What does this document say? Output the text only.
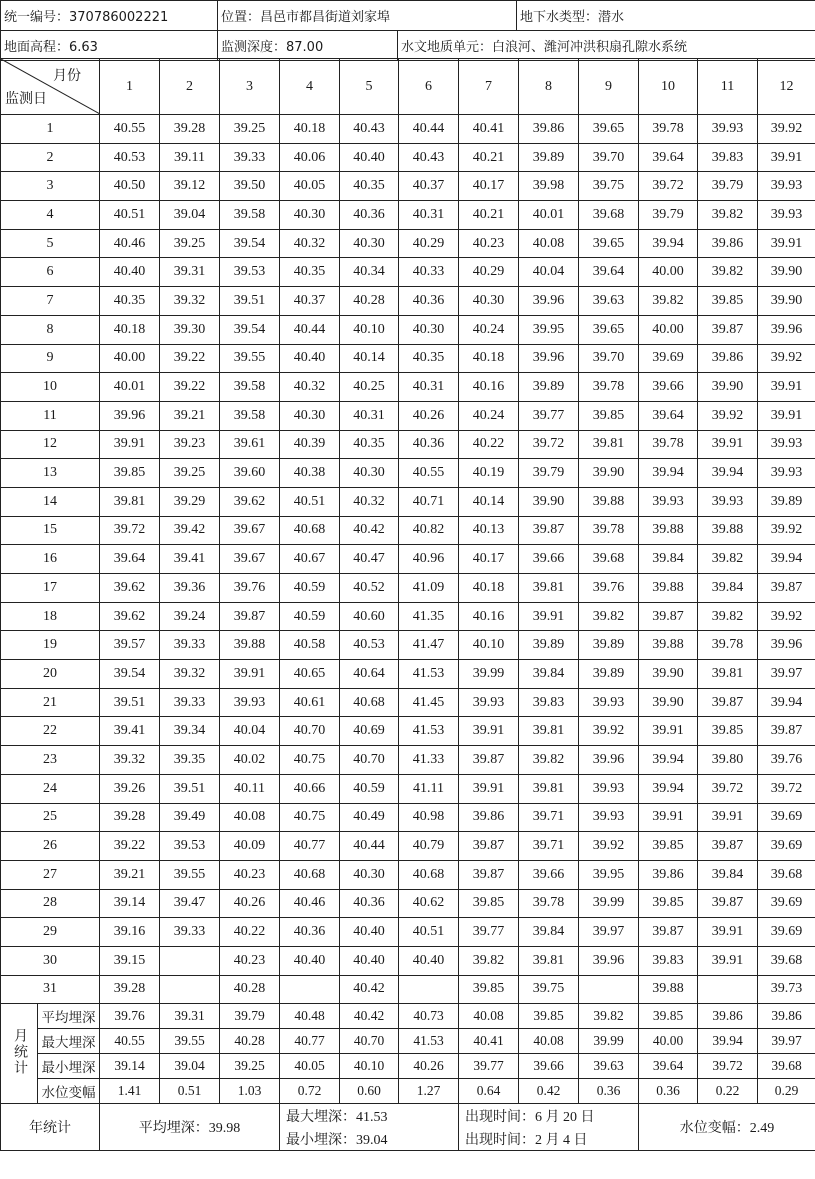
统一编号：370786002221	位置：昌邑市都昌街道刘家埠		地下水类型：潜水
地面高程：6.63	监测深度：87.00	水文地质单元：白浪河、潍河冲洪积扇孔隙水系统	
月份
监测日		1	2	3	4	5	6	7	8	9	10	11	12
1		40.55	39.28	39.25	40.18	40.43	40.44	40.41	39.86	39.65	39.78	39.93	39.92
2		40.53	39.11	39.33	40.06	40.40	40.43	40.21	39.89	39.70	39.64	39.83	39.91
3		40.50	39.12	39.50	40.05	40.35	40.37	40.17	39.98	39.75	39.72	39.79	39.93
4		40.51	39.04	39.58	40.30	40.36	40.31	40.21	40.01	39.68	39.79	39.82	39.93
5		40.46	39.25	39.54	40.32	40.30	40.29	40.23	40.08	39.65	39.94	39.86	39.91
6		40.40	39.31	39.53	40.35	40.34	40.33	40.29	40.04	39.64	40.00	39.82	39.90
7		40.35	39.32	39.51	40.37	40.28	40.36	40.30	39.96	39.63	39.82	39.85	39.90
8		40.18	39.30	39.54	40.44	40.10	40.30	40.24	39.95	39.65	40.00	39.87	39.96
9		40.00	39.22	39.55	40.40	40.14	40.35	40.18	39.96	39.70	39.69	39.86	39.92
10		40.01	39.22	39.58	40.32	40.25	40.31	40.16	39.89	39.78	39.66	39.90	39.91
11		39.96	39.21	39.58	40.30	40.31	40.26	40.24	39.77	39.85	39.64	39.92	39.91
12		39.91	39.23	39.61	40.39	40.35	40.36	40.22	39.72	39.81	39.78	39.91	39.93
13		39.85	39.25	39.60	40.38	40.30	40.55	40.19	39.79	39.90	39.94	39.94	39.93
14		39.81	39.29	39.62	40.51	40.32	40.71	40.14	39.90	39.88	39.93	39.93	39.89
15		39.72	39.42	39.67	40.68	40.42	40.82	40.13	39.87	39.78	39.88	39.88	39.92
16		39.64	39.41	39.67	40.67	40.47	40.96	40.17	39.66	39.68	39.84	39.82	39.94
17		39.62	39.36	39.76	40.59	40.52	41.09	40.18	39.81	39.76	39.88	39.84	39.87
18		39.62	39.24	39.87	40.59	40.60	41.35	40.16	39.91	39.82	39.87	39.82	39.92
19		39.57	39.33	39.88	40.58	40.53	41.47	40.10	39.89	39.89	39.88	39.78	39.96
20		39.54	39.32	39.91	40.65	40.64	41.53	39.99	39.84	39.89	39.90	39.81	39.97
21		39.51	39.33	39.93	40.61	40.68	41.45	39.93	39.83	39.93	39.90	39.87	39.94
22		39.41	39.34	40.04	40.70	40.69	41.53	39.91	39.81	39.92	39.91	39.85	39.87
23		39.32	39.35	40.02	40.75	40.70	41.33	39.87	39.82	39.96	39.94	39.80	39.76
24		39.26	39.51	40.11	40.66	40.59	41.11	39.91	39.81	39.93	39.94	39.72	39.72
25		39.28	39.49	40.08	40.75	40.49	40.98	39.86	39.71	39.93	39.91	39.91	39.69
26		39.22	39.53	40.09	40.77	40.44	40.79	39.87	39.71	39.92	39.85	39.87	39.69
27		39.21	39.55	40.23	40.68	40.30	40.68	39.87	39.66	39.95	39.86	39.84	39.68
28		39.14	39.47	40.26	40.46	40.36	40.62	39.85	39.78	39.99	39.85	39.87	39.69
29		39.16	39.33	40.22	40.36	40.40	40.51	39.77	39.84	39.97	39.87	39.91	39.69
30		39.15		40.23	40.40	40.40	40.40	39.82	39.81	39.96	39.83	39.91	39.68
31		39.28		40.28		40.42		39.85	39.75		39.88		39.73
月统计	平均埋深	39.76	39.31	39.79	40.48	40.42	40.73	40.08	39.85	39.82	39.85	39.86	39.86
	最大埋深	40.55	39.55	40.28	40.77	40.70	41.53	40.41	40.08	39.99	40.00	39.94	39.97
	最小埋深	39.14	39.04	39.25	40.05	40.10	40.26	39.77	39.66	39.63	39.64	39.72	39.68
	水位变幅	1.41	0.51	1.03	0.72	0.60	1.27	0.64	0.42	0.36	0.36	0.22	0.29
年统计		平均埋深：39.98			最大埋深：41.53			出现时间：6 月 20 日			水位变幅：2.49		
					最小埋深：39.04			出现时间：2 月 4 日					
